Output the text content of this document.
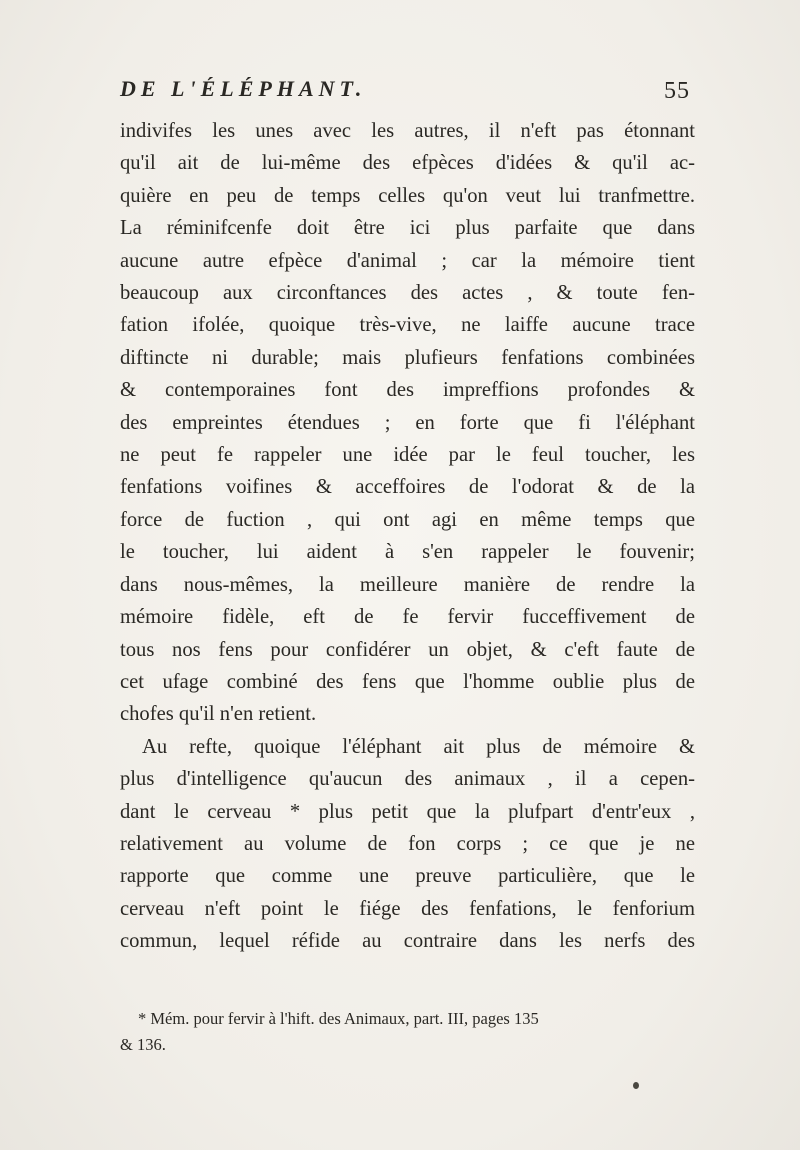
DE L'ÉLÉPHANT.	55
indivifes les unes avec les autres, il n'eft pas étonnant
qu'il ait de lui-même des efpèces d'idées & qu'il ac-
quière en peu de temps celles qu'on veut lui tranfmettre.
La réminifcenfe doit être ici plus parfaite que dans
aucune autre efpèce d'animal ; car la mémoire tient
beaucoup aux circonftances des actes , & toute fen-
fation ifolée, quoique très-vive, ne laiffe aucune trace
diftincte ni durable; mais plufieurs fenfations combinées
& contemporaines font des impreffions profondes &
des empreintes étendues ; en forte que fi l'éléphant
ne peut fe rappeler une idée par le feul toucher, les
fenfations voifines & acceffoires de l'odorat & de la
force de fuction , qui ont agi en même temps que
le toucher, lui aident à s'en rappeler le fouvenir;
dans nous-mêmes, la meilleure manière de rendre la
mémoire fidèle, eft de fe fervir fucceffivement de
tous nos fens pour confidérer un objet, & c'eft faute de
cet ufage combiné des fens que l'homme oublie plus de
chofes qu'il n'en retient.
Au refte, quoique l'éléphant ait plus de mémoire &
plus d'intelligence qu'aucun des animaux , il a cepen-
dant le cerveau * plus petit que la plufpart d'entr'eux ,
relativement au volume de fon corps ; ce que je ne
rapporte que comme une preuve particulière, que le
cerveau n'eft point le fiége des fenfations, le fenforium
commun, lequel réfide au contraire dans les nerfs des
* Mém. pour fervir à l'hift. des Animaux, part. III, pages 135
& 136.
